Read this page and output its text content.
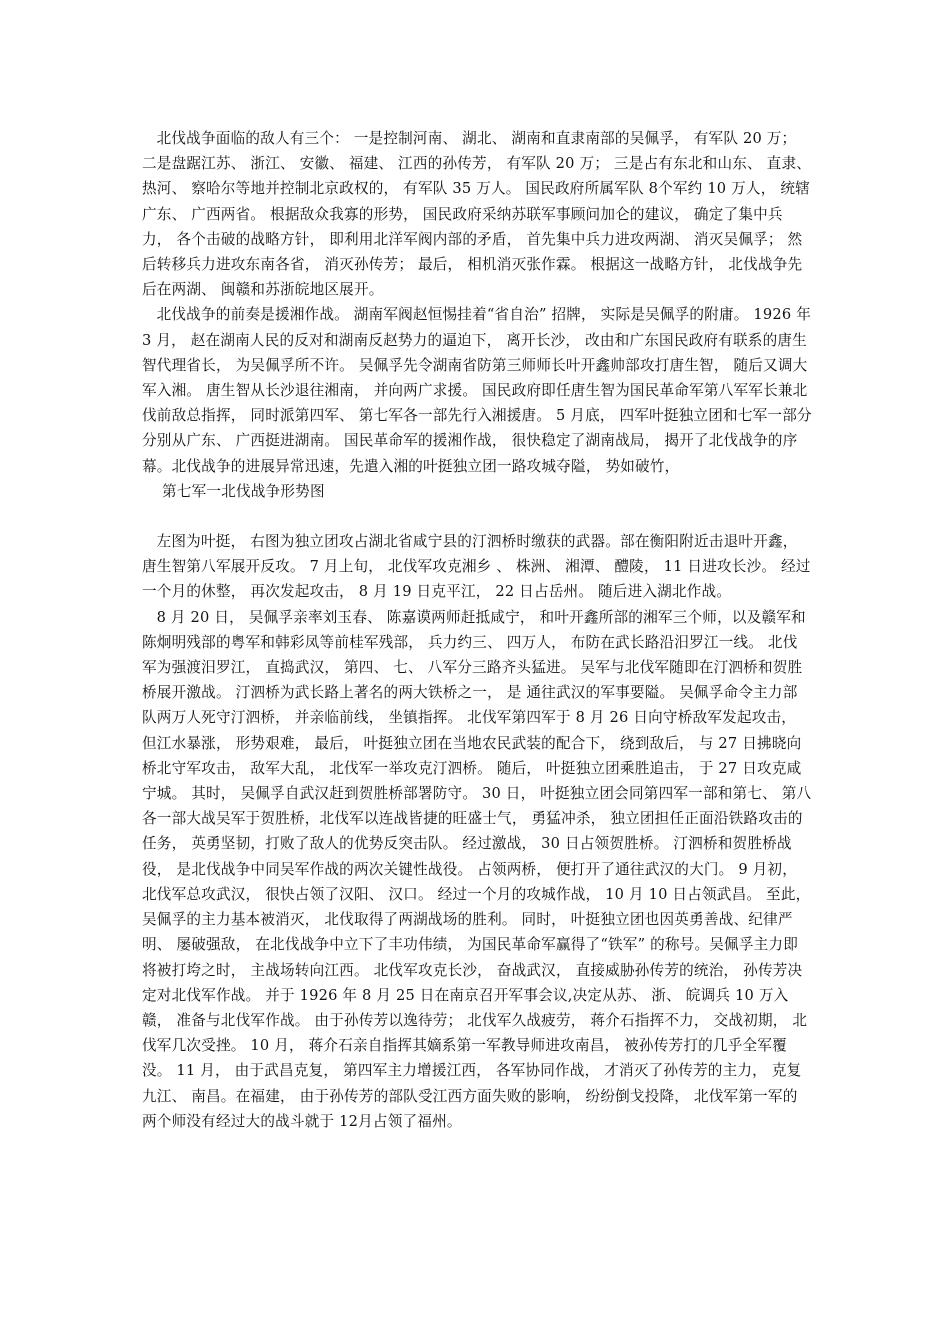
北伐战争面临的敌人有三个： 一是控制河南、 湖北、 湖南和直隶南部的吴佩孚， 有军队 20 万； 二是盘踞江苏、 浙江、 安徽、 福建、 江西的孙传芳， 有军队 20 万； 三是占有东北和山东、 直隶、 热河、 察哈尔等地并控制北京政权的， 有军队 35 万人。 国民政府所属军队 8个军约 10 万人， 统辖广东、 广西两省。 根据敌众我寡的形势， 国民政府采纳苏联军事顾问加仑的建议， 确定了集中兵力， 各个击破的战略方针， 即利用北洋军阀内部的矛盾， 首先集中兵力进攻两湖、 消灭吴佩孚； 然后转移兵力进攻东南各省， 消灭孙传芳； 最后， 相机消灭张作霖。 根据这一战略方针， 北伐战争先后在两湖、 闽赣和苏浙皖地区展开。

北伐战争的前奏是援湘作战。 湖南军阀赵恒惕挂着“省自治” 招牌， 实际是吴佩孚的附庸。 1926 年 3 月， 赵在湖南人民的反对和湖南反赵势力的逼迫下， 离开长沙， 改由和广东国民政府有联系的唐生智代理省长， 为吴佩孚所不许。 吴佩孚先令湖南省防第三师师长叶开鑫帅部攻打唐生智， 随后又调大军入湘。 唐生智从长沙退往湘南， 并向两广求援。 国民政府即任唐生智为国民革命军第八军军长兼北伐前敌总指挥， 同时派第四军、 第七军各一部先行入湘援唐。 5 月底， 四军叶挺独立团和七军一部分分别从广东、 广西挺进湖南。 国民革命军的援湘作战， 很快稳定了湖南战局， 揭开了北伐战争的序幕。北伐战争的进展异常迅速，先遣入湘的叶挺独立团一路攻城夺隘， 势如破竹，

第七军一北伐战争形势图

左图为叶挺， 右图为独立团攻占湖北省咸宁县的汀泗桥时缴获的武器。部在衡阳附近击退叶开鑫， 唐生智第八军展开反攻。 7 月上旬， 北伐军攻克湘乡 、 株洲、 湘潭、 醴陵， 11 日进攻长沙。 经过一个月的休整， 再次发起攻击， 8 月 19 日克平江， 22 日占岳州。 随后进入湖北作战。

8 月 20 日， 吴佩孚亲率刘玉春、 陈嘉谟两师赶抵咸宁， 和叶开鑫所部的湘军三个师，以及赣军和陈炯明残部的粤军和韩彩凤等前桂军残部， 兵力约三、 四万人， 布防在武长路沿汨罗江一线。 北伐军为强渡汨罗江， 直捣武汉， 第四、 七、 八军分三路齐头猛进。 吴军与北伐军随即在汀泗桥和贺胜桥展开激战。 汀泗桥为武长路上著名的两大铁桥之一， 是 通往武汉的军事要隘。 吴佩孚命令主力部队两万人死守汀泗桥， 并亲临前线， 坐镇指挥。 北伐军第四军于 8 月 26 日向守桥敌军发起攻击， 但江水暴涨， 形势艰难， 最后， 叶挺独立团在当地农民武装的配合下， 绕到敌后， 与 27 日拂晓向桥北守军攻击， 敌军大乱， 北伐军一举攻克汀泗桥。 随后， 叶挺独立团乘胜追击， 于 27 日攻克咸宁城。 其时， 吴佩孚自武汉赶到贺胜桥部署防守。 30 日， 叶挺独立团会同第四军一部和第七、 第八各一部大战吴军于贺胜桥，北伐军以连战皆捷的旺盛士气， 勇猛冲杀， 独立团担任正面沿铁路攻击的任务， 英勇坚韧，打败了敌人的优势反突击队。 经过激战， 30 日占领贺胜桥。 汀泗桥和贺胜桥战役， 是北伐战争中同吴军作战的两次关键性战役。 占领两桥， 便打开了通往武汉的大门。 9 月初， 北伐军总攻武汉， 很快占领了汉阳、 汉口。 经过一个月的攻城作战， 10 月 10 日占领武昌。 至此，吴佩孚的主力基本被消灭， 北伐取得了两湖战场的胜利。 同时， 叶挺独立团也因英勇善战、纪律严明、 屡破强敌， 在北伐战争中立下了丰功伟绩， 为国民革命军赢得了“铁军” 的称号。吴佩孚主力即将被打垮之时， 主战场转向江西。 北伐军攻克长沙， 奋战武汉， 直接威胁孙传芳的统治， 孙传芳决定对北伐军作战。 并于 1926 年 8 月 25 日在南京召开军事会议,决定从苏、 浙、 皖调兵 10 万入赣， 准备与北伐军作战。 由于孙传芳以逸待劳； 北伐军久战疲劳， 蒋介石指挥不力， 交战初期， 北伐军几次受挫。 10 月， 蒋介石亲自指挥其嫡系第一军教导师进攻南昌， 被孙传芳打的几乎全军覆没。 11 月， 由于武昌克复， 第四军主力增援江西， 各军协同作战， 才消灭了孙传芳的主力， 克复九江、 南昌。在福建， 由于孙传芳的部队受江西方面失败的影响， 纷纷倒戈投降， 北伐军第一军的两个师没有经过大的战斗就于 12月占领了福州。
